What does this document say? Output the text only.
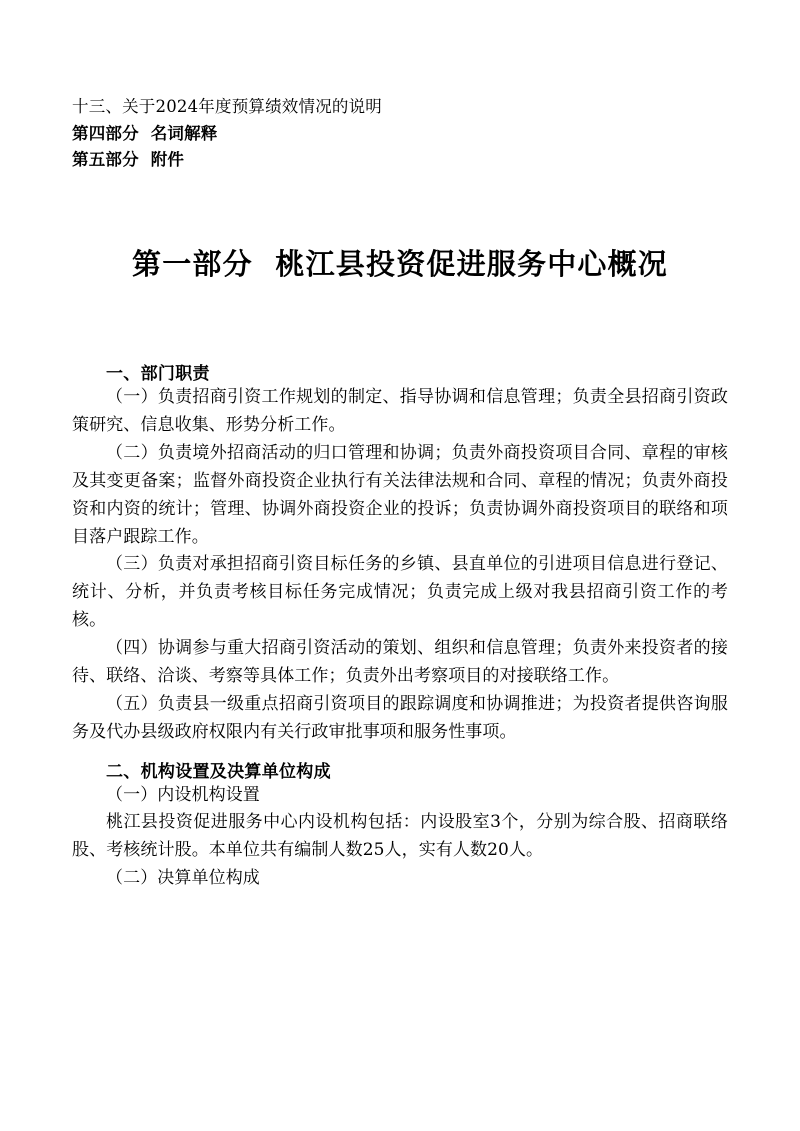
十三、关于2024年度预算绩效情况的说明
第四部分  名词解释
第五部分  附件
第一部分  桃江县投资促进服务中心概况
一、部门职责

（一）负责招商引资工作规划的制定、指导协调和信息管理；负责全县招商引资政策研究、信息收集、形势分析工作。

（二）负责境外招商活动的归口管理和协调；负责外商投资项目合同、章程的审核及其变更备案；监督外商投资企业执行有关法律法规和合同、章程的情况；负责外商投资和内资的统计；管理、协调外商投资企业的投诉；负责协调外商投资项目的联络和项目落户跟踪工作。

（三）负责对承担招商引资目标任务的乡镇、县直单位的引进项目信息进行登记、统计、分析，并负责考核目标任务完成情况；负责完成上级对我县招商引资工作的考核。

（四）协调参与重大招商引资活动的策划、组织和信息管理；负责外来投资者的接待、联络、洽谈、考察等具体工作；负责外出考察项目的对接联络工作。

（五）负责县一级重点招商引资项目的跟踪调度和协调推进；为投资者提供咨询服务及代办县级政府权限内有关行政审批事项和服务性事项。

二、机构设置及决算单位构成

（一）内设机构设置

桃江县投资促进服务中心内设机构包括：内设股室3个，分别为综合股、招商联络股、考核统计股。本单位共有编制人数25人，实有人数20人。

（二）决算单位构成
